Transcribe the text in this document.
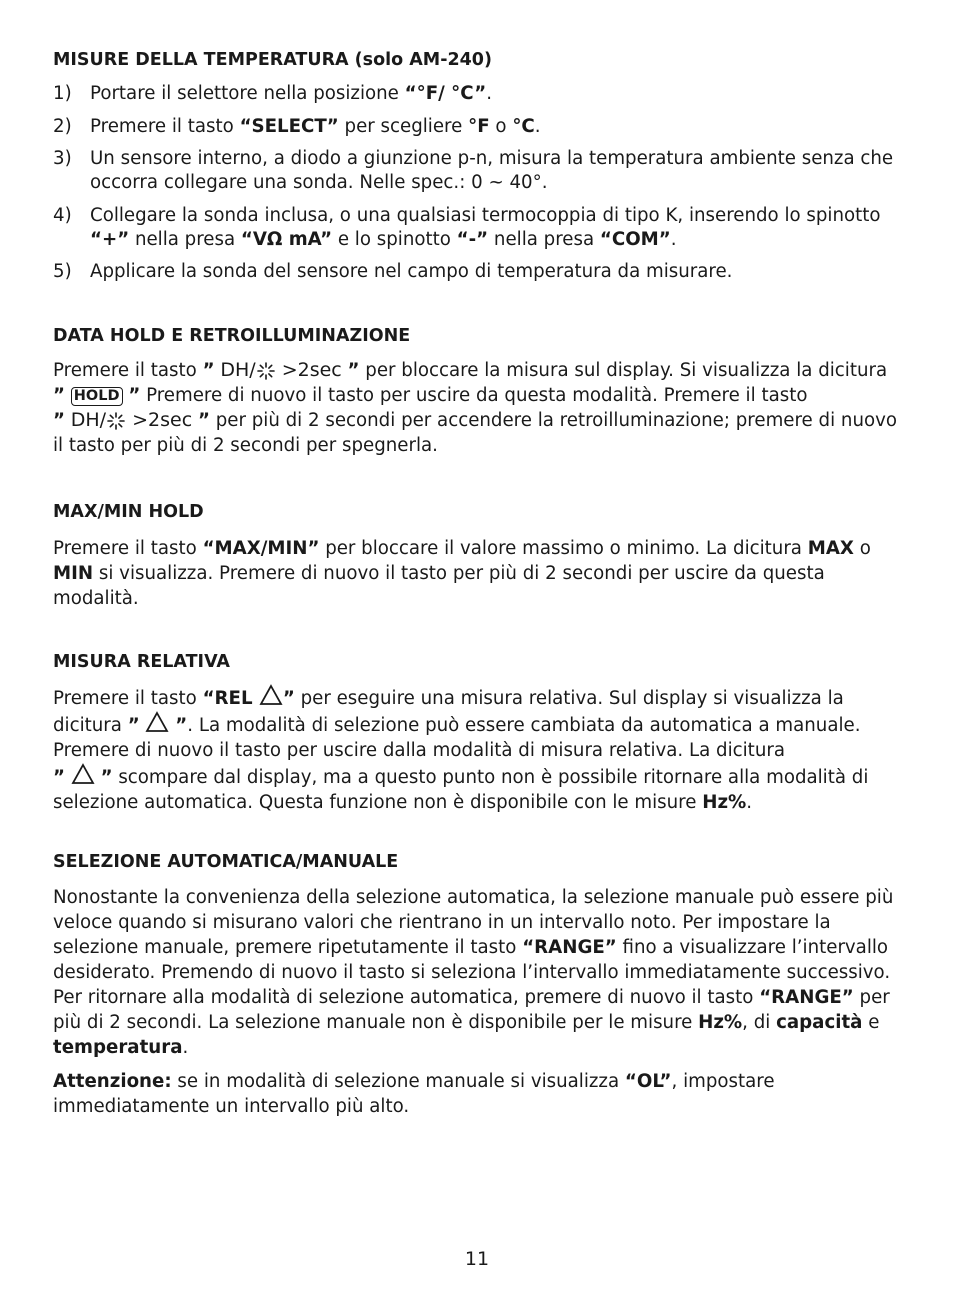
MISURE DELLA TEMPERATURA (solo AM-240)
1) Portare il selettore nella posizione “°F/ °C”.
2) Premere il tasto “SELECT” per scegliere °F o °C.
3) Un sensore interno, a diodo a giunzione p-n, misura la temperatura ambiente senza che occorra collegare una sonda. Nelle spec.: 0 ~ 40°.
4) Collegare la sonda inclusa, o una qualsiasi termocoppia di tipo K, inserendo lo spinotto “+” nella presa “VΩ mA” e lo spinotto “-” nella presa “COM”.
5) Applicare la sonda del sensore nel campo di temperatura da misurare.
DATA HOLD E RETROILLUMINAZIONE
Premere il tasto ” DH/ >2sec ” per bloccare la misura sul display. Si visualizza la dicitura
” HOLD ” Premere di nuovo il tasto per uscire da questa modalità. Premere il tasto
” DH/ >2sec ” per più di 2 secondi per accendere la retroilluminazione; premere di nuovo il tasto per più di 2 secondi per spegnerla.
MAX/MIN HOLD
Premere il tasto “MAX/MIN” per bloccare il valore massimo o minimo. La dicitura MAX o MIN si visualizza. Premere di nuovo il tasto per più di 2 secondi per uscire da questa modalità.
MISURA RELATIVA
Premere il tasto “REL ” per eseguire una misura relativa. Sul display si visualizza la dicitura ” ”. La modalità di selezione può essere cambiata da automatica a manuale. Premere di nuovo il tasto per uscire dalla modalità di misura relativa. La dicitura
” ” scompare dal display, ma a questo punto non è possibile ritornare alla modalità di selezione automatica. Questa funzione non è disponibile con le misure Hz%.
SELEZIONE AUTOMATICA/MANUALE
Nonostante la convenienza della selezione automatica, la selezione manuale può essere più veloce quando si misurano valori che rientrano in un intervallo noto. Per impostare la selezione manuale, premere ripetutamente il tasto “RANGE” fino a visualizzare l’intervallo desiderato. Premendo di nuovo il tasto si seleziona l’intervallo immediatamente successivo. Per ritornare alla modalità di selezione automatica, premere di nuovo il tasto “RANGE” per più di 2 secondi. La selezione manuale non è disponibile per le misure Hz%, di capacità e temperatura.
Attenzione: se in modalità di selezione manuale si visualizza “OL”, impostare immediatamente un intervallo più alto.
11
